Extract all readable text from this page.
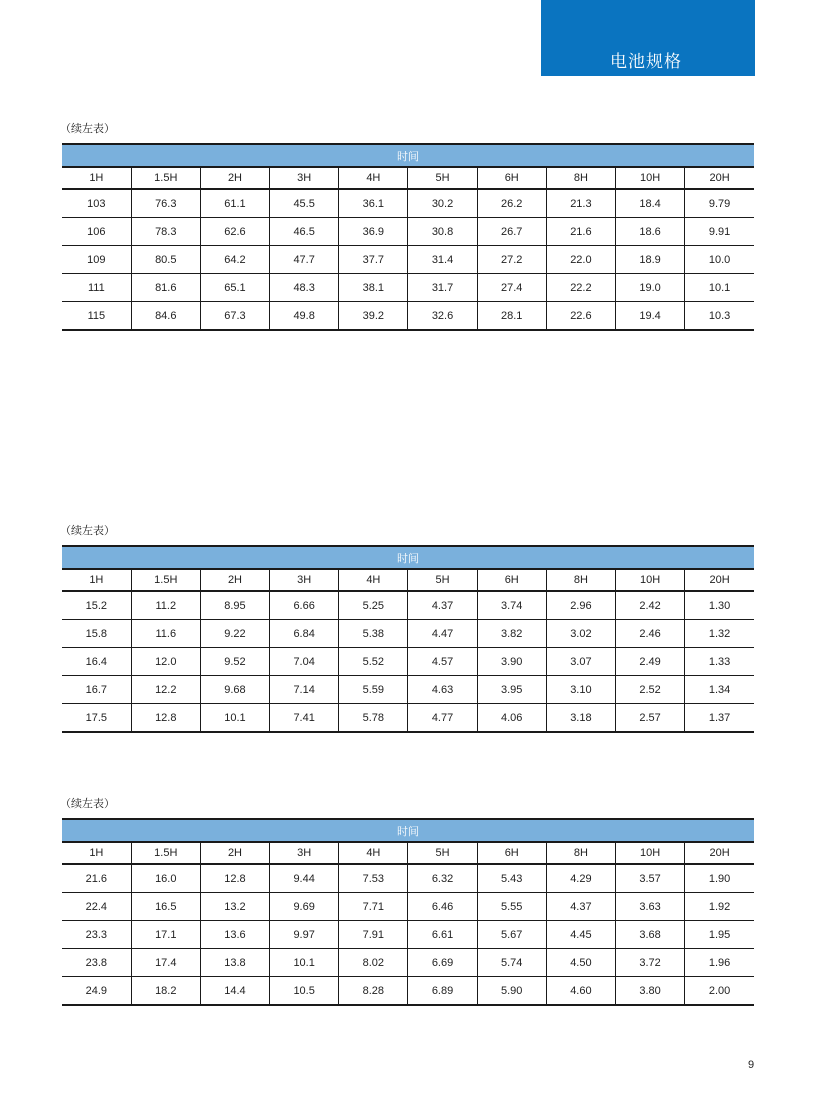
电池规格
（续左表）
时间									
1H	1.5H	2H	3H	4H	5H	6H	8H	10H	20H
103	76.3	61.1	45.5	36.1	30.2	26.2	21.3	18.4	9.79
106	78.3	62.6	46.5	36.9	30.8	26.7	21.6	18.6	9.91
109	80.5	64.2	47.7	37.7	31.4	27.2	22.0	18.9	10.0
111	81.6	65.1	48.3	38.1	31.7	27.4	22.2	19.0	10.1
115	84.6	67.3	49.8	39.2	32.6	28.1	22.6	19.4	10.3
（续左表）
时间									
1H	1.5H	2H	3H	4H	5H	6H	8H	10H	20H
15.2	11.2	8.95	6.66	5.25	4.37	3.74	2.96	2.42	1.30
15.8	11.6	9.22	6.84	5.38	4.47	3.82	3.02	2.46	1.32
16.4	12.0	9.52	7.04	5.52	4.57	3.90	3.07	2.49	1.33
16.7	12.2	9.68	7.14	5.59	4.63	3.95	3.10	2.52	1.34
17.5	12.8	10.1	7.41	5.78	4.77	4.06	3.18	2.57	1.37
（续左表）
时间									
1H	1.5H	2H	3H	4H	5H	6H	8H	10H	20H
21.6	16.0	12.8	9.44	7.53	6.32	5.43	4.29	3.57	1.90
22.4	16.5	13.2	9.69	7.71	6.46	5.55	4.37	3.63	1.92
23.3	17.1	13.6	9.97	7.91	6.61	5.67	4.45	3.68	1.95
23.8	17.4	13.8	10.1	8.02	6.69	5.74	4.50	3.72	1.96
24.9	18.2	14.4	10.5	8.28	6.89	5.90	4.60	3.80	2.00
9
